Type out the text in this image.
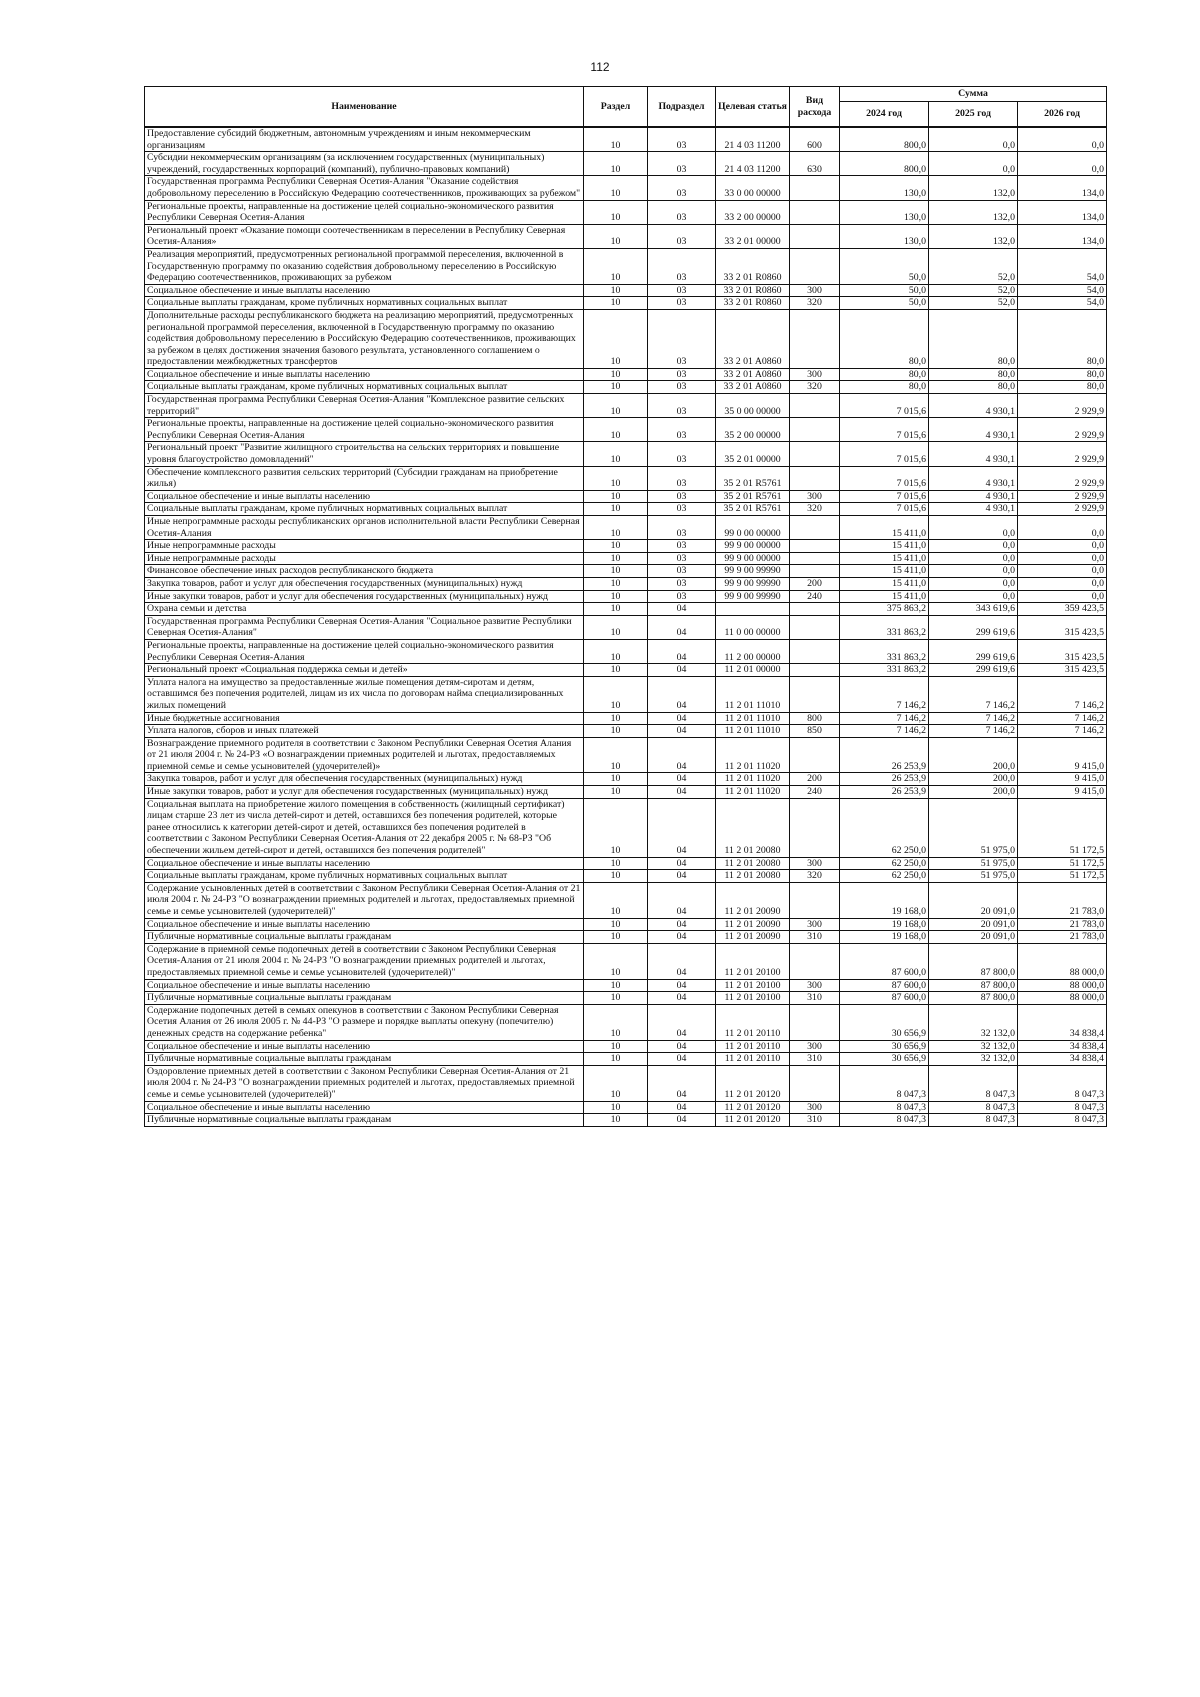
112
Наименование	Раздел	Подраздел	Целевая статья	Вид расхода	Сумма		
					2024 год	2025 год	2026 год
Предоставление субсидий бюджетным, автономным учреждениям и иным некоммерческим организациям	10	03	21 4 03 11200	600	800,0	0,0	0,0
Субсидии некоммерческим организациям (за исключением государственных (муниципальных) учреждений, государственных корпораций (компаний), публично-правовых компаний)	10	03	21 4 03 11200	630	800,0	0,0	0,0
Государственная программа Республики Северная Осетия-Алания "Оказание содействия добровольному переселению в Российскую Федерацию соотечественников, проживающих за рубежом"	10	03	33 0 00 00000		130,0	132,0	134,0
Региональные проекты, направленные на достижение целей социально-экономического развития Республики Северная Осетия-Алания	10	03	33 2 00 00000		130,0	132,0	134,0
Региональный проект «Оказание помощи соотечественникам в переселении в Республику Северная Осетия-Алания»	10	03	33 2 01 00000		130,0	132,0	134,0
Реализация мероприятий, предусмотренных региональной программой переселения, включенной в Государственную программу по оказанию содействия добровольному переселению в Российскую Федерацию соотечественников, проживающих за рубежом	10	03	33 2 01 R0860		50,0	52,0	54,0
Социальное обеспечение и иные выплаты населению	10	03	33 2 01 R0860	300	50,0	52,0	54,0
Социальные выплаты гражданам, кроме публичных нормативных социальных выплат	10	03	33 2 01 R0860	320	50,0	52,0	54,0
Дополнительные расходы республиканского бюджета на реализацию мероприятий, предусмотренных региональной программой переселения, включенной в Государственную программу по оказанию содействия добровольному переселению в Российскую Федерацию соотечественников, проживающих за рубежом в целях достижения значения базового результата, установленного соглашением о предоставлении межбюджетных трансфертов	10	03	33 2 01 A0860		80,0	80,0	80,0
Социальное обеспечение и иные выплаты населению	10	03	33 2 01 A0860	300	80,0	80,0	80,0
Социальные выплаты гражданам, кроме публичных нормативных социальных выплат	10	03	33 2 01 A0860	320	80,0	80,0	80,0
Государственная программа Республики Северная Осетия-Алания "Комплексное развитие сельских территорий"	10	03	35 0 00 00000		7 015,6	4 930,1	2 929,9
Региональные проекты, направленные на достижение целей социально-экономического развития Республики Северная Осетия-Алания	10	03	35 2 00 00000		7 015,6	4 930,1	2 929,9
Региональный проект "Развитие жилищного строительства на сельских территориях и повышение уровня благоустройство домовладений"	10	03	35 2 01 00000		7 015,6	4 930,1	2 929,9
Обеспечение комплексного развития сельских территорий (Субсидии гражданам на приобретение жилья)	10	03	35 2 01 R5761		7 015,6	4 930,1	2 929,9
Социальное обеспечение и иные выплаты населению	10	03	35 2 01 R5761	300	7 015,6	4 930,1	2 929,9
Социальные выплаты гражданам, кроме публичных нормативных социальных выплат	10	03	35 2 01 R5761	320	7 015,6	4 930,1	2 929,9
Иные непрограммные расходы республиканских органов исполнительной власти Республики Северная Осетия-Алания	10	03	99 0 00 00000		15 411,0	0,0	0,0
Иные непрограммные расходы	10	03	99 9 00 00000		15 411,0	0,0	0,0
Иные непрограммные расходы	10	03	99 9 00 00000		15 411,0	0,0	0,0
Финансовое обеспечение иных расходов республиканского бюджета	10	03	99 9 00 99990		15 411,0	0,0	0,0
Закупка товаров, работ и услуг для обеспечения государственных (муниципальных) нужд	10	03	99 9 00 99990	200	15 411,0	0,0	0,0
Иные закупки товаров, работ и услуг для обеспечения государственных (муниципальных) нужд	10	03	99 9 00 99990	240	15 411,0	0,0	0,0
Охрана семьи и детства	10	04			375 863,2	343 619,6	359 423,5
Государственная программа Республики Северная Осетия-Алания "Социальное развитие Республики Северная Осетия-Алания"	10	04	11 0 00 00000		331 863,2	299 619,6	315 423,5
Региональные проекты, направленные на достижение целей социально-экономического развития Республики Северная Осетия-Алания	10	04	11 2 00 00000		331 863,2	299 619,6	315 423,5
Региональный проект «Социальная поддержка семьи и детей»	10	04	11 2 01 00000		331 863,2	299 619,6	315 423,5
Уплата налога на имущество за предоставленные жилые помещения детям-сиротам и детям, оставшимся без попечения родителей, лицам из их числа по договорам найма специализированных жилых помещений	10	04	11 2 01 11010		7 146,2	7 146,2	7 146,2
Иные бюджетные ассигнования	10	04	11 2 01 11010	800	7 146,2	7 146,2	7 146,2
Уплата налогов, сборов и иных платежей	10	04	11 2 01 11010	850	7 146,2	7 146,2	7 146,2
Вознаграждение приемного родителя в соответствии с Законом Республики Северная Осетия Алания от 21 июля 2004 г. № 24-РЗ «О вознаграждении приемных родителей и льготах, предоставляемых приемной семье и семье усыновителей (удочерителей)»	10	04	11 2 01 11020		26 253,9	200,0	9 415,0
Закупка товаров, работ и услуг для обеспечения государственных (муниципальных) нужд	10	04	11 2 01 11020	200	26 253,9	200,0	9 415,0
Иные закупки товаров, работ и услуг для обеспечения государственных (муниципальных) нужд	10	04	11 2 01 11020	240	26 253,9	200,0	9 415,0
Социальная выплата на приобретение жилого помещения в собственность (жилищный сертификат) лицам старше 23 лет из числа детей-сирот и детей, оставшихся без попечения родителей, которые ранее относились к категории детей-сирот и детей, оставшихся без попечения родителей в соответствии с Законом Республики Северная Осетия-Алания от 22 декабря 2005 г. № 68-РЗ "Об обеспечении жильем детей-сирот и детей, оставшихся без попечения родителей"	10	04	11 2 01 20080		62 250,0	51 975,0	51 172,5
Социальное обеспечение и иные выплаты населению	10	04	11 2 01 20080	300	62 250,0	51 975,0	51 172,5
Социальные выплаты гражданам, кроме публичных нормативных социальных выплат	10	04	11 2 01 20080	320	62 250,0	51 975,0	51 172,5
Содержание усыновленных детей в соответствии с Законом Республики Северная Осетия-Алания от 21 июля 2004 г. № 24-РЗ "О вознаграждении приемных родителей и льготах, предоставляемых приемной семье и семье усыновителей (удочерителей)"	10	04	11 2 01 20090		19 168,0	20 091,0	21 783,0
Социальное обеспечение и иные выплаты населению	10	04	11 2 01 20090	300	19 168,0	20 091,0	21 783,0
Публичные нормативные социальные выплаты гражданам	10	04	11 2 01 20090	310	19 168,0	20 091,0	21 783,0
Содержание в приемной семье подопечных детей в соответствии с Законом Республики Северная Осетия-Алания от 21 июля 2004 г. № 24-РЗ "О вознаграждении приемных родителей и льготах, предоставляемых приемной семье и семье усыновителей (удочерителей)"	10	04	11 2 01 20100		87 600,0	87 800,0	88 000,0
Социальное обеспечение и иные выплаты населению	10	04	11 2 01 20100	300	87 600,0	87 800,0	88 000,0
Публичные нормативные социальные выплаты гражданам	10	04	11 2 01 20100	310	87 600,0	87 800,0	88 000,0
Содержание подопечных детей в семьях опекунов в соответствии с Законом Республики Северная Осетия Алания от 26 июля 2005 г. № 44-РЗ "О размере и порядке выплаты опекуну (попечителю) денежных средств на содержание ребенка"	10	04	11 2 01 20110		30 656,9	32 132,0	34 838,4
Социальное обеспечение и иные выплаты населению	10	04	11 2 01 20110	300	30 656,9	32 132,0	34 838,4
Публичные нормативные социальные выплаты гражданам	10	04	11 2 01 20110	310	30 656,9	32 132,0	34 838,4
Оздоровление приемных детей в соответствии с Законом Республики Северная Осетия-Алания от 21 июля 2004 г. № 24-РЗ "О вознаграждении приемных родителей и льготах, предоставляемых приемной семье и семье усыновителей (удочерителей)"	10	04	11 2 01 20120		8 047,3	8 047,3	8 047,3
Социальное обеспечение и иные выплаты населению	10	04	11 2 01 20120	300	8 047,3	8 047,3	8 047,3
Публичные нормативные социальные выплаты гражданам	10	04	11 2 01 20120	310	8 047,3	8 047,3	8 047,3
